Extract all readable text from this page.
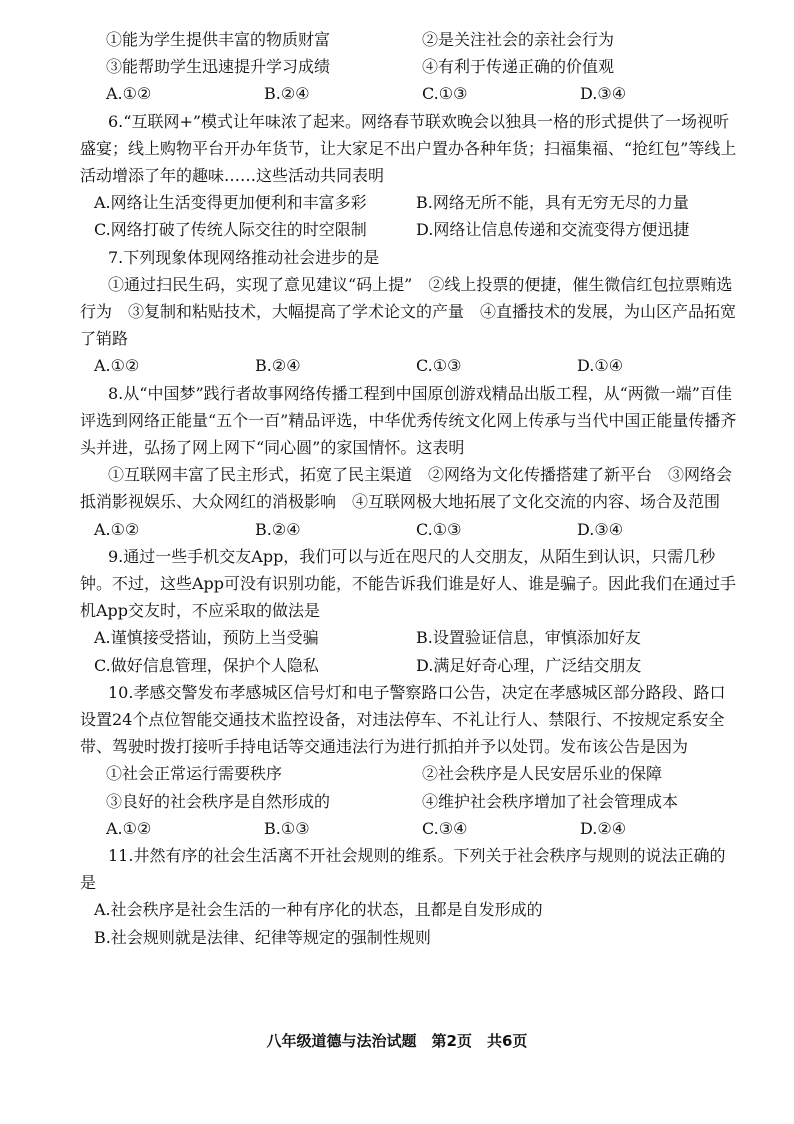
①能为学生提供丰富的物质财富	②是关注社会的亲社会行为
③能帮助学生迅速提升学习成绩	④有利于传递正确的价值观
A.①②	B.②④	C.①③	D.③④
6.“互联网+”模式让年味浓了起来。网络春节联欢晚会以独具一格的形式提供了一场视听盛宴；线上购物平台开办年货节，让大家足不出户置办各种年货；扫福集福、“抢红包”等线上活动增添了年的趣味……这些活动共同表明
A.网络让生活变得更加便利和丰富多彩	B.网络无所不能，具有无穷无尽的力量
C.网络打破了传统人际交往的时空限制	D.网络让信息传递和交流变得方便迅捷
7.下列现象体现网络推动社会进步的是
①通过扫民生码，实现了意见建议“码上提”　②线上投票的便捷，催生微信红包拉票贿选行为　③复制和粘贴技术，大幅提高了学术论文的产量　④直播技术的发展，为山区产品拓宽了销路
A.①②	B.②④	C.①③	D.①④
8.从“中国梦”践行者故事网络传播工程到中国原创游戏精品出版工程，从“两微一端”百佳评选到网络正能量“五个一百”精品评选，中华优秀传统文化网上传承与当代中国正能量传播齐头并进，弘扬了网上网下“同心圆”的家国情怀。这表明
①互联网丰富了民主形式，拓宽了民主渠道　②网络为文化传播搭建了新平台　③网络会抵消影视娱乐、大众网红的消极影响　④互联网极大地拓展了文化交流的内容、场合及范围
A.①②	B.②④	C.①③	D.③④
9.通过一些手机交友App，我们可以与近在咫尺的人交朋友，从陌生到认识，只需几秒钟。不过，这些App可没有识别功能，不能告诉我们谁是好人、谁是骗子。因此我们在通过手机App交友时，不应采取的做法是
A.谨慎接受搭讪，预防上当受骗	B.设置验证信息，审慎添加好友
C.做好信息管理，保护个人隐私	D.满足好奇心理，广泛结交朋友
10.孝感交警发布孝感城区信号灯和电子警察路口公告，决定在孝感城区部分路段、路口设置24个点位智能交通技术监控设备，对违法停车、不礼让行人、禁限行、不按规定系安全带、驾驶时拨打接听手持电话等交通违法行为进行抓拍并予以处罚。发布该公告是因为
①社会正常运行需要秩序	②社会秩序是人民安居乐业的保障
③良好的社会秩序是自然形成的	④维护社会秩序增加了社会管理成本
A.①②	B.①③	C.③④	D.②④
11.井然有序的社会生活离不开社会规则的维系。下列关于社会秩序与规则的说法正确的是
A.社会秩序是社会生活的一种有序化的状态，且都是自发形成的
B.社会规则就是法律、纪律等规定的强制性规则
八年级道德与法治试题　第2页　共6页
